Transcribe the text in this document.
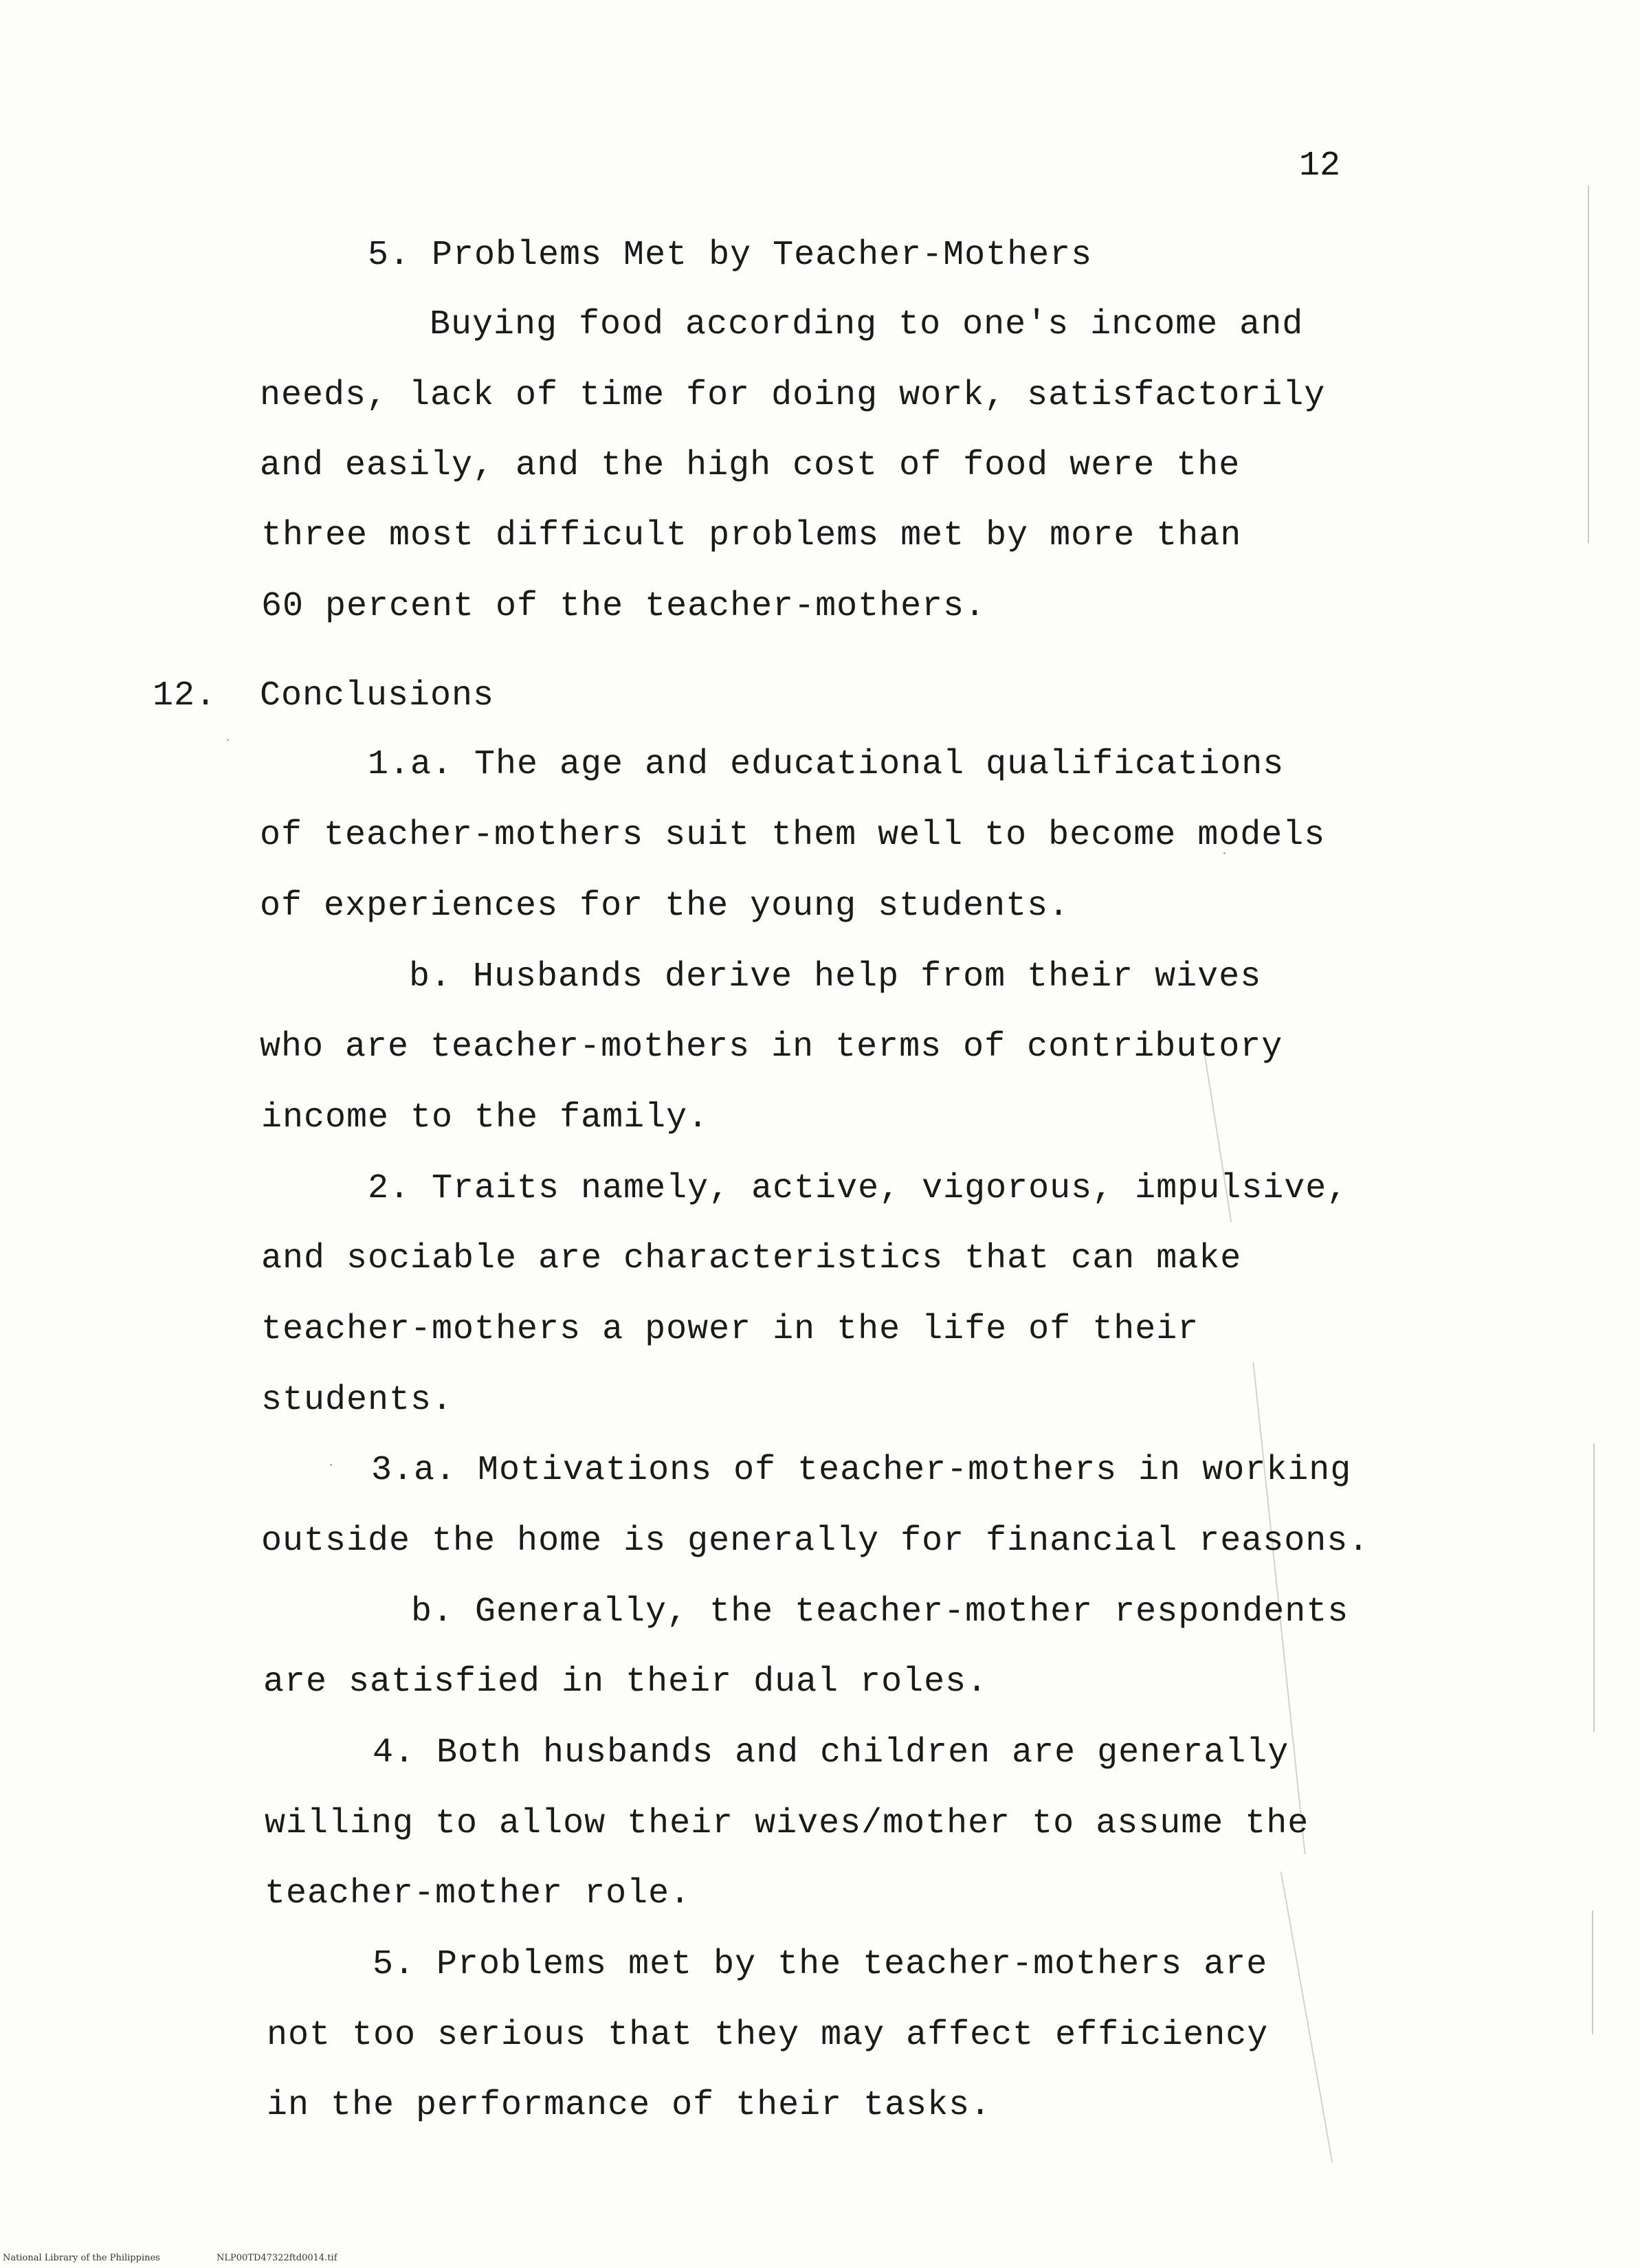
12
5. Problems Met by Teacher-Mothers
Buying food according to one's income and
needs, lack of time for doing work, satisfactorily
and easily, and the high cost of food were the
three most difficult problems met by more than
60 percent of the teacher-mothers.
12. Conclusions
1.a. The age and educational qualifications
of teacher-mothers suit them well to become models
of experiences for the young students.
b. Husbands derive help from their wives
who are teacher-mothers in terms of contributory
income to the family.
2. Traits namely, active, vigorous, impulsive,
and sociable are characteristics that can make
teacher-mothers a power in the life of their
students.
3.a. Motivations of teacher-mothers in working
outside the home is generally for financial reasons.
b. Generally, the teacher-mother respondents
are satisfied in their dual roles.
4. Both husbands and children are generally
willing to allow their wives/mother to assume the
teacher-mother role.
5. Problems met by the teacher-mothers are
not too serious that they may affect efficiency
in the performance of their tasks.
National Library of the Philippines	NLP00TD47322ftd0014.tif
